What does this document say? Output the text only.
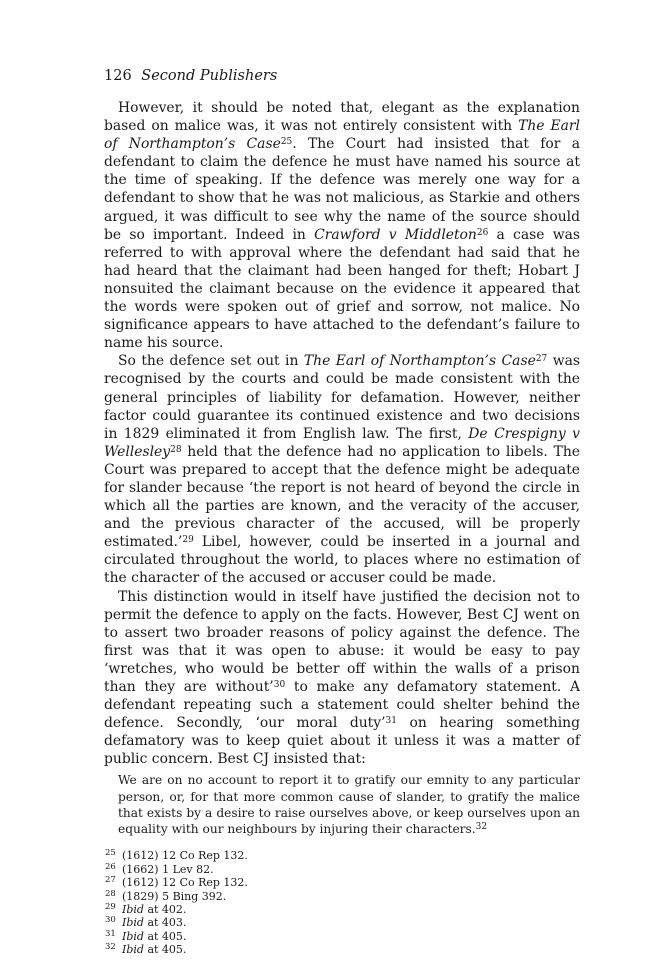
126 Second Publishers

However, it should be noted that, elegant as the explanation based on malice was, it was not entirely consistent with The Earl of Northampton’s Case$^{25}$. The Court had insisted that for a defendant to claim the defence he must have named his source at the time of speaking. If the defence was merely one way for a defendant to show that he was not malicious, as Starkie and others argued, it was difficult to see why the name of the source should be so important. Indeed in Crawford v Middleton$^{26}$ a case was referred to with approval where the defendant had said that he had heard that the claimant had been hanged for theft; Hobart J nonsuited the claimant because on the evidence it appeared that the words were spoken out of grief and sorrow, not malice. No significance appears to have attached to the defendant’s failure to name his source.

So the defence set out in The Earl of Northampton’s Case$^{27}$ was recognised by the courts and could be made consistent with the general principles of liability for defamation. However, neither factor could guarantee its continued existence and two decisions in 1829 eliminated it from English law. The first, De Crespigny v Wellesley$^{28}$ held that the defence had no application to libels. The Court was prepared to accept that the defence might be adequate for slander because ‘the report is not heard of beyond the circle in which all the parties are known, and the veracity of the accuser, and the previous character of the accused, will be properly estimated.’$^{29}$ Libel, however, could be inserted in a journal and circulated throughout the world, to places where no estimation of the character of the accused or accuser could be made.

This distinction would in itself have justified the decision not to permit the defence to apply on the facts. However, Best CJ went on to assert two broader reasons of policy against the defence. The first was that it was open to abuse: it would be easy to pay ‘wretches, who would be better off within the walls of a prison than they are without’$^{30}$ to make any defamatory statement. A defendant repeating such a statement could shelter behind the defence. Secondly, ‘our moral duty’$^{31}$ on hearing something defamatory was to keep quiet about it unless it was a matter of public concern. Best CJ insisted that:

We are on no account to report it to gratify our emnity to any particular person, or, for that more common cause of slander, to gratify the malice that exists by a desire to raise ourselves above, or keep ourselves upon an equality with our neighbours by injuring their characters.$^{32}$
25 (1612) 12 Co Rep 132.
26 (1662) 1 Lev 82.
27 (1612) 12 Co Rep 132.
28 (1829) 5 Bing 392.
29 Ibid at 402.
30 Ibid at 403.
31 Ibid at 405.
32 Ibid at 405.
